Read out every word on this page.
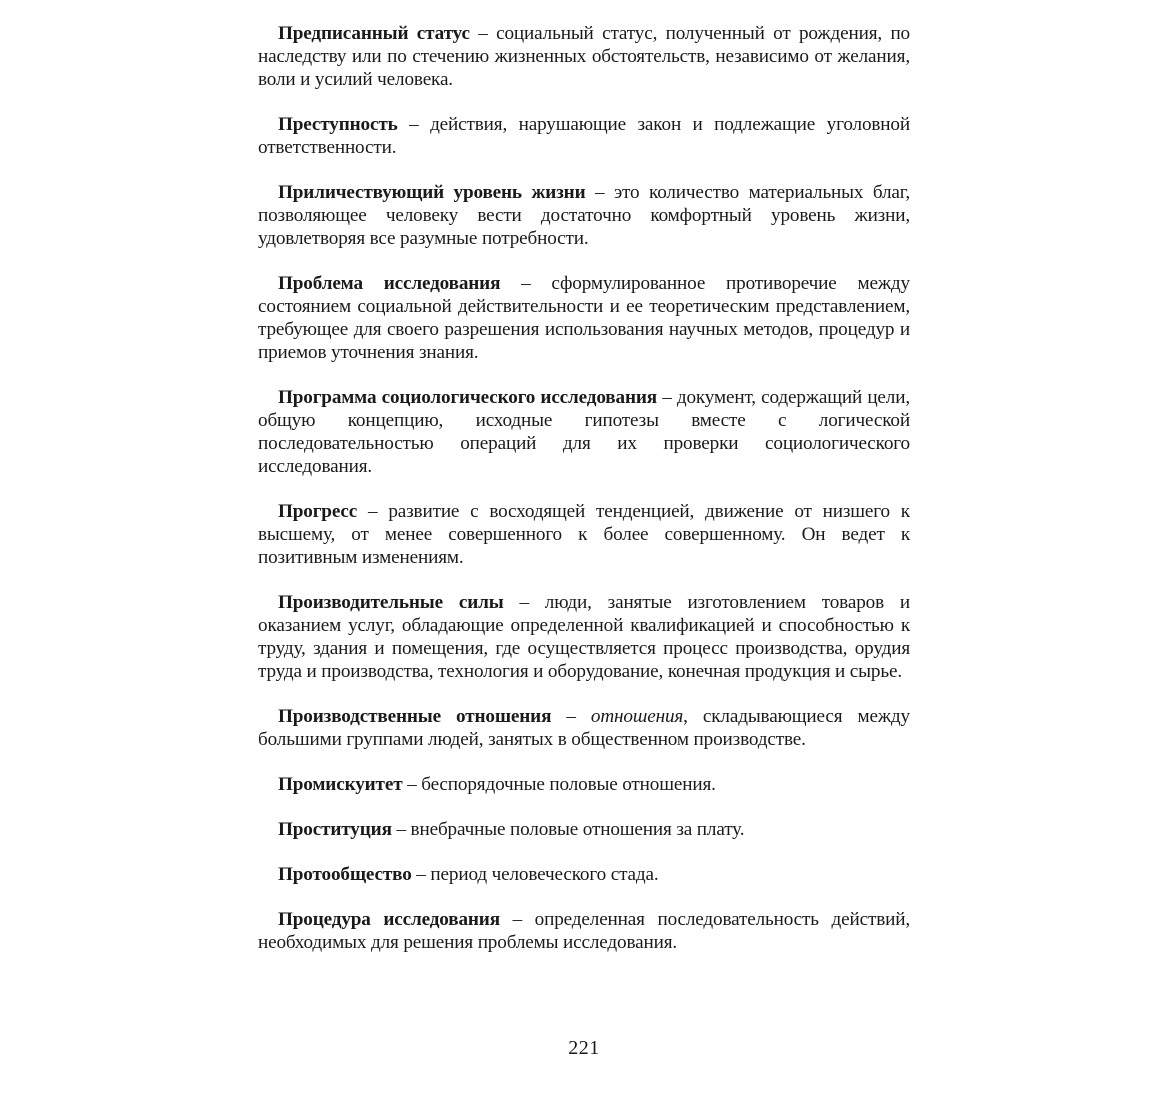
Предписанный статус – социальный статус, полученный от рождения, по наследству или по стечению жизненных обстоятельств, независимо от желания, воли и усилий человека.

Преступность – действия, нарушающие закон и подлежащие уголовной ответственности.

Приличествующий уровень жизни – это количество материальных благ, позволяющее человеку вести достаточно комфортный уровень жизни, удовлетворяя все разумные потребности.

Проблема исследования – сформулированное противоречие между состоянием социальной действительности и ее теоретическим представлением, требующее для своего разрешения использования научных методов, процедур и приемов уточнения знания.

Программа социологического исследования – документ, содержащий цели, общую концепцию, исходные гипотезы вместе с логической последовательностью операций для их проверки социологического исследования.

Прогресс – развитие с восходящей тенденцией, движение от низшего к высшему, от менее совершенного к более совершенному. Он ведет к позитивным изменениям.

Производительные силы – люди, занятые изготовлением товаров и оказанием услуг, обладающие определенной квалификацией и способностью к труду, здания и помещения, где осуществляется процесс производства, орудия труда и производства, технология и оборудование, конечная продукция и сырье.

Производственные отношения – отношения, складывающиеся между большими группами людей, занятых в общественном производстве.

Промискуитет – беспорядочные половые отношения.

Проституция – внебрачные половые отношения за плату.

Протообщество – период человеческого стада.

Процедура исследования – определенная последовательность действий, необходимых для решения проблемы исследования.

221
